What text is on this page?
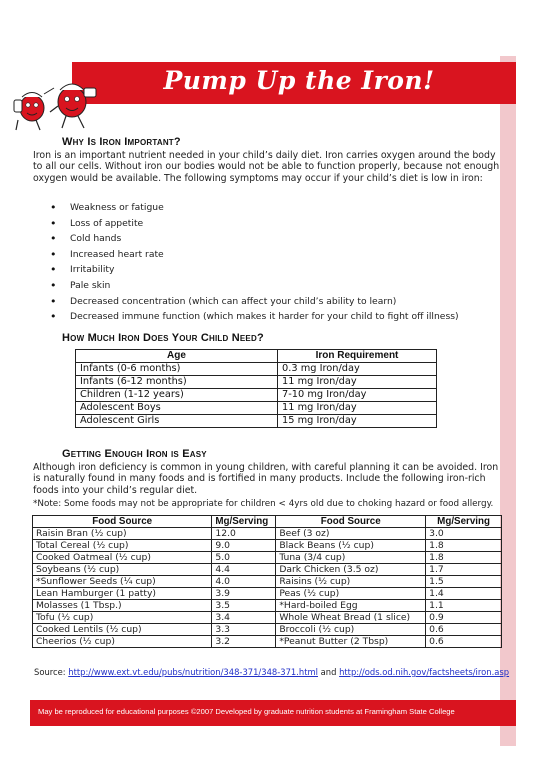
Pump Up the Iron!
Why Is Iron Important?
Iron is an important nutrient needed in your child’s daily diet. Iron carries oxygen around the body to all our cells. Without iron our bodies would not be able to function properly, because not enough oxygen would be available. The following symptoms may occur if your child’s diet is low in iron:
• Weakness or fatigue
• Loss of appetite
• Cold hands
• Increased heart rate
• Irritability
• Pale skin
• Decreased concentration (which can affect your child’s ability to learn)
• Decreased immune function (which makes it harder for your child to fight off illness)
How Much Iron Does Your Child Need?
Age	Iron Requirement
Infants (0-6 months)	0.3 mg Iron/day
Infants (6-12 months)	11 mg Iron/day
Children (1-12 years)	7-10 mg Iron/day
Adolescent Boys	11 mg Iron/day
Adolescent Girls	15 mg Iron/day
Getting Enough Iron is Easy
Although iron deficiency is common in young children, with careful planning it can be avoided. Iron is naturally found in many foods and is fortified in many products. Include the following iron-rich foods into your child’s regular diet.
*Note: Some foods may not be appropriate for children < 4yrs old due to choking hazard or food allergy.
Food Source	Mg/Serving	Food Source	Mg/Serving
Raisin Bran (½ cup)	12.0	Beef (3 oz)	3.0
Total Cereal (½ cup)	9.0	Black Beans (½ cup)	1.8
Cooked Oatmeal (½ cup)	5.0	Tuna (3/4 cup)	1.8
Soybeans (½ cup)	4.4	Dark Chicken (3.5 oz)	1.7
*Sunflower Seeds (¼ cup)	4.0	Raisins (½ cup)	1.5
Lean Hamburger (1 patty)	3.9	Peas (½ cup)	1.4
Molasses (1 Tbsp.)	3.5	*Hard-boiled Egg	1.1
Tofu (½ cup)	3.4	Whole Wheat Bread (1 slice)	0.9
Cooked Lentils (½ cup)	3.3	Broccoli (½ cup)	0.6
Cheerios (½ cup)	3.2	*Peanut Butter (2 Tbsp)	0.6
Source: http://www.ext.vt.edu/pubs/nutrition/348-371/348-371.html and http://ods.od.nih.gov/factsheets/iron.asp
May be reproduced for educational purposes ©2007 Developed by graduate nutrition students at Framingham State College
